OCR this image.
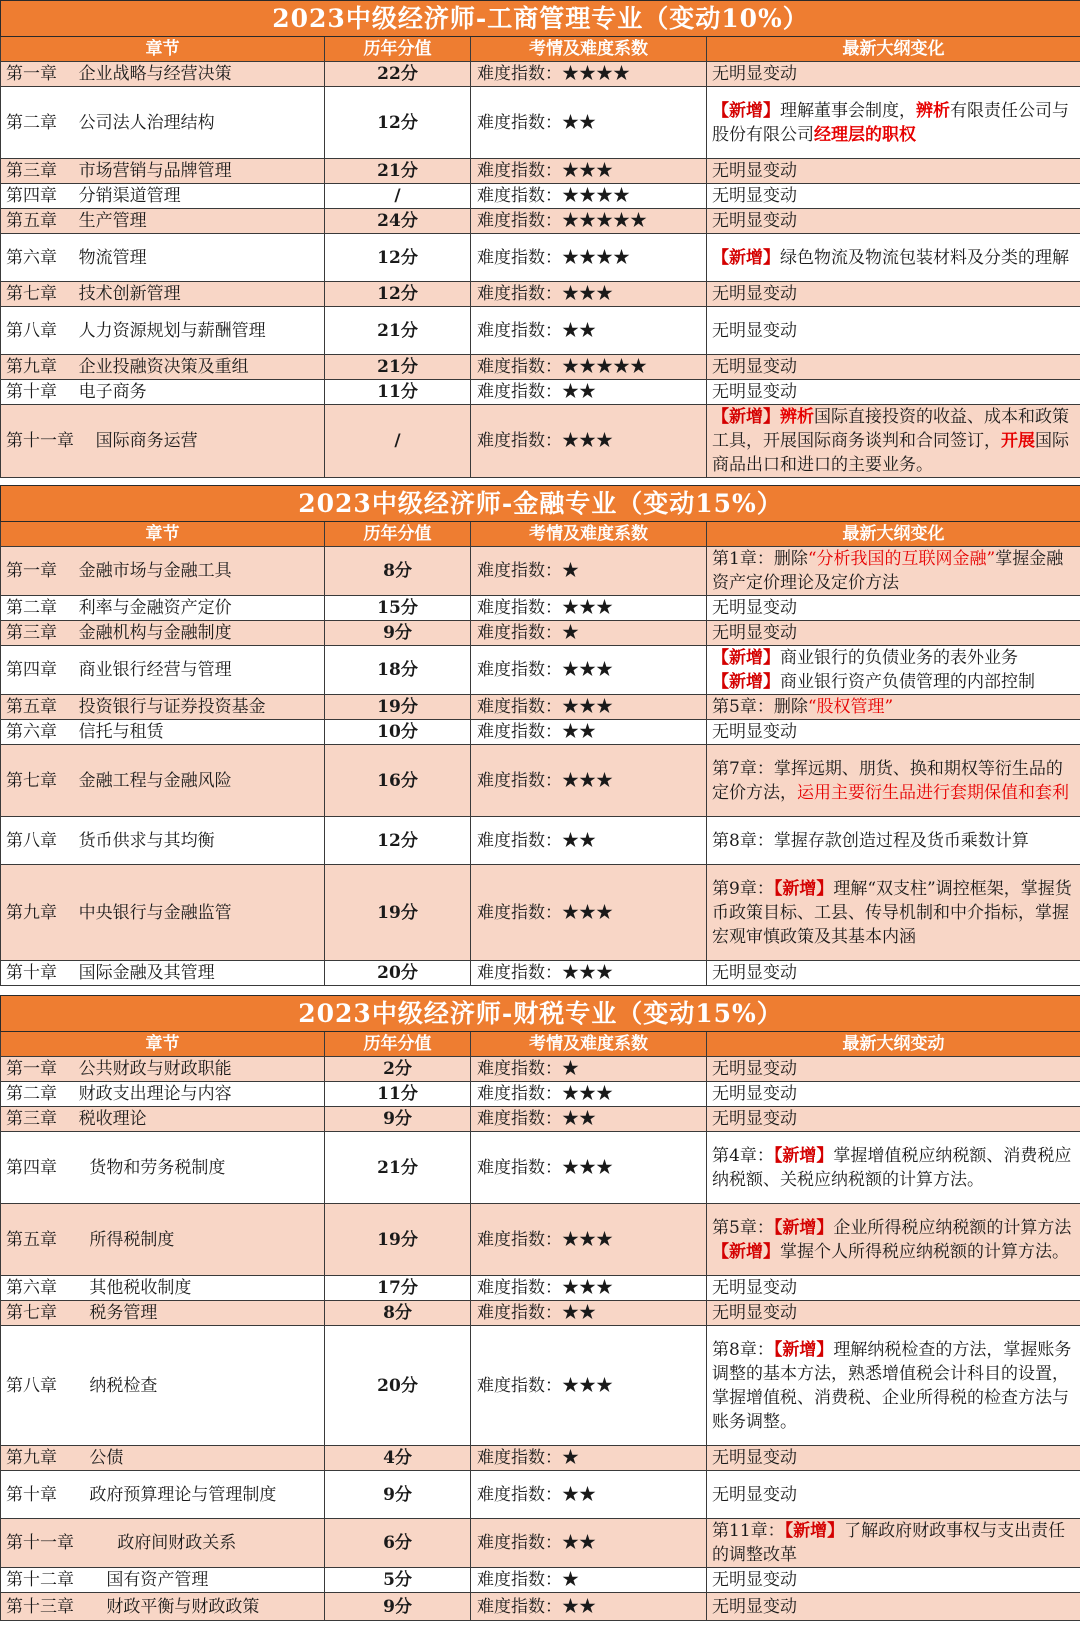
2023中级经济师-工商管理专业（变动10%）			
章节	历年分值	考情及难度系数	最新大纲变化
第一章    企业战略与经营决策	22分	难度指数：★★★★	无明显变动
第二章    公司法人治理结构	12分	难度指数：★★	【新增】理解董事会制度，辨析有限责任公司与股份有限公司经理层的职权
第三章    市场营销与品牌管理	21分	难度指数：★★★	无明显变动
第四章    分销渠道管理	/	难度指数：★★★★	无明显变动
第五章    生产管理	24分	难度指数：★★★★★	无明显变动
第六章    物流管理	12分	难度指数：★★★★	【新增】绿色物流及物流包装材料及分类的理解
第七章    技术创新管理	12分	难度指数：★★★	无明显变动
第八章    人力资源规划与薪酬管理	21分	难度指数：★★	无明显变动
第九章    企业投融资决策及重组	21分	难度指数：★★★★★	无明显变动
第十章    电子商务	11分	难度指数：★★	无明显变动
第十一章    国际商务运营	/	难度指数：★★★	【新增】辨析国际直接投资的收益、成本和政策工具，开展国际商务谈判和合同签订，开展国际商品出口和进口的主要业务。
2023中级经济师-金融专业（变动15%）			
章节	历年分值	考情及难度系数	最新大纲变化
第一章    金融市场与金融工具	8分	难度指数：★	第1章：删除“分析我国的互联网金融”掌握金融资产定价理论及定价方法
第二章    利率与金融资产定价	15分	难度指数：★★★	无明显变动
第三章    金融机构与金融制度	9分	难度指数：★	无明显变动
第四章    商业银行经营与管理	18分	难度指数：★★★	【新增】商业银行的负债业务的表外业务
【新增】商业银行资产负债管理的内部控制
第五章    投资银行与证券投资基金	19分	难度指数：★★★	第5章：删除“股权管理”
第六章    信托与租赁	10分	难度指数：★★	无明显变动
第七章    金融工程与金融风险	16分	难度指数：★★★	第7章：掌挥远期、朋货、换和期权等衍生品的定价方法，运用主要衍生品进行套期保值和套利
第八章    货币供求与其均衡	12分	难度指数：★★	第8章：掌握存款创造过程及货币乘数计算
第九章    中央银行与金融监管	19分	难度指数：★★★	第9章：【新增】理解“双支柱”调控框架，掌握货币政策目标、工县、传导机制和中介指标，掌握宏观审慎政策及其基本内涵
第十章    国际金融及其管理	20分	难度指数：★★★	无明显变动
2023中级经济师-财税专业（变动15%）			
章节	历年分值	考情及难度系数	最新大纲变动
第一章    公共财政与财政职能	2分	难度指数：★	无明显变动
第二章    财政支出理论与内容	11分	难度指数：★★★	无明显变动
第三章    税收理论	9分	难度指数：★★	无明显变动
第四章      货物和劳务税制度	21分	难度指数：★★★	第4章：【新增】掌握增值税应纳税额、消费税应纳税额、关税应纳税额的计算方法。
第五章      所得税制度	19分	难度指数：★★★	第5章：【新增】企业所得税应纳税额的计算方法【新增】掌握个人所得税应纳税额的计算方法。
第六章      其他税收制度	17分	难度指数：★★★	无明显变动
第七章      税务管理	8分	难度指数：★★	无明显变动
第八章      纳税检查	20分	难度指数：★★★	第8章：【新增】理解纳税检查的方法，掌握账务调整的基本方法，熟悉增值税会计科目的设置，掌握增值税、消费税、企业所得税的检查方法与账务调整。
第九章      公债	4分	难度指数：★	无明显变动
第十章      政府预算理论与管理制度	9分	难度指数：★★	无明显变动
第十一章        政府间财政关系	6分	难度指数：★★	第11章：【新增】了解政府财政事权与支出责任的调整改革
第十二章      国有资产管理	5分	难度指数：★	无明显变动
第十三章      财政平衡与财政政策	9分	难度指数：★★	无明显变动
